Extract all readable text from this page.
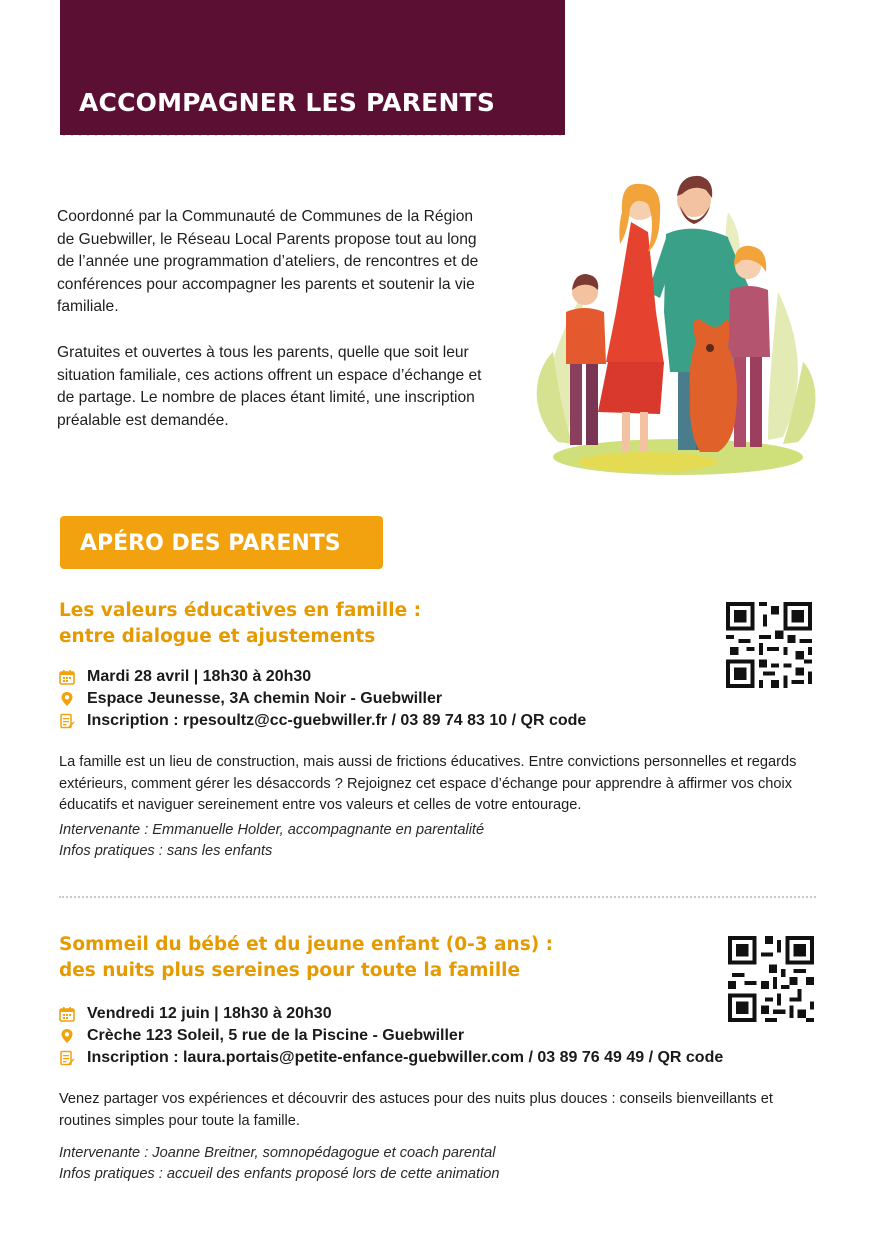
ACCOMPAGNER LES PARENTS

Coordonné par la Communauté de Communes de la Région de Guebwiller, le Réseau Local Parents propose tout au long de l’année une programmation d’ateliers, de rencontres et de conférences pour accompagner les parents et soutenir la vie familiale.

Gratuites et ouvertes à tous les parents, quelle que soit leur situation familiale, ces actions offrent un espace d’échange et de partage. Le nombre de places étant limité, une inscription préalable est demandée.

APÉRO DES PARENTS
Les valeurs éducatives en famille :
entre dialogue et ajustements
Mardi 28 avril | 18h30 à 20h30
Espace Jeunesse, 3A chemin Noir - Guebwiller
Inscription : rpesoultz@cc-guebwiller.fr / 03 89 74 83 10 / QR code

La famille est un lieu de construction, mais aussi de frictions éducatives. Entre convictions personnelles et regards extérieurs, comment gérer les désaccords ? Rejoignez cet espace d’échange pour apprendre à affirmer vos choix éducatifs et naviguer sereinement entre vos valeurs et celles de votre entourage.

Intervenante : Emmanuelle Holder, accompagnante en parentalité

Infos pratiques : sans les enfants

Sommeil du bébé et du jeune enfant (0-3 ans) :
des nuits plus sereines pour toute la famille
Vendredi 12 juin | 18h30 à 20h30
Crèche 123 Soleil, 5 rue de la Piscine - Guebwiller
Inscription : laura.portais@petite-enfance-guebwiller.com / 03 89 76 49 49 / QR code

Venez partager vos expériences et découvrir des astuces pour des nuits plus douces : conseils bienveillants et routines simples pour toute la famille.

Intervenante : Joanne Breitner, somnopédagogue et coach parental

Infos pratiques : accueil des enfants proposé lors de cette animation
